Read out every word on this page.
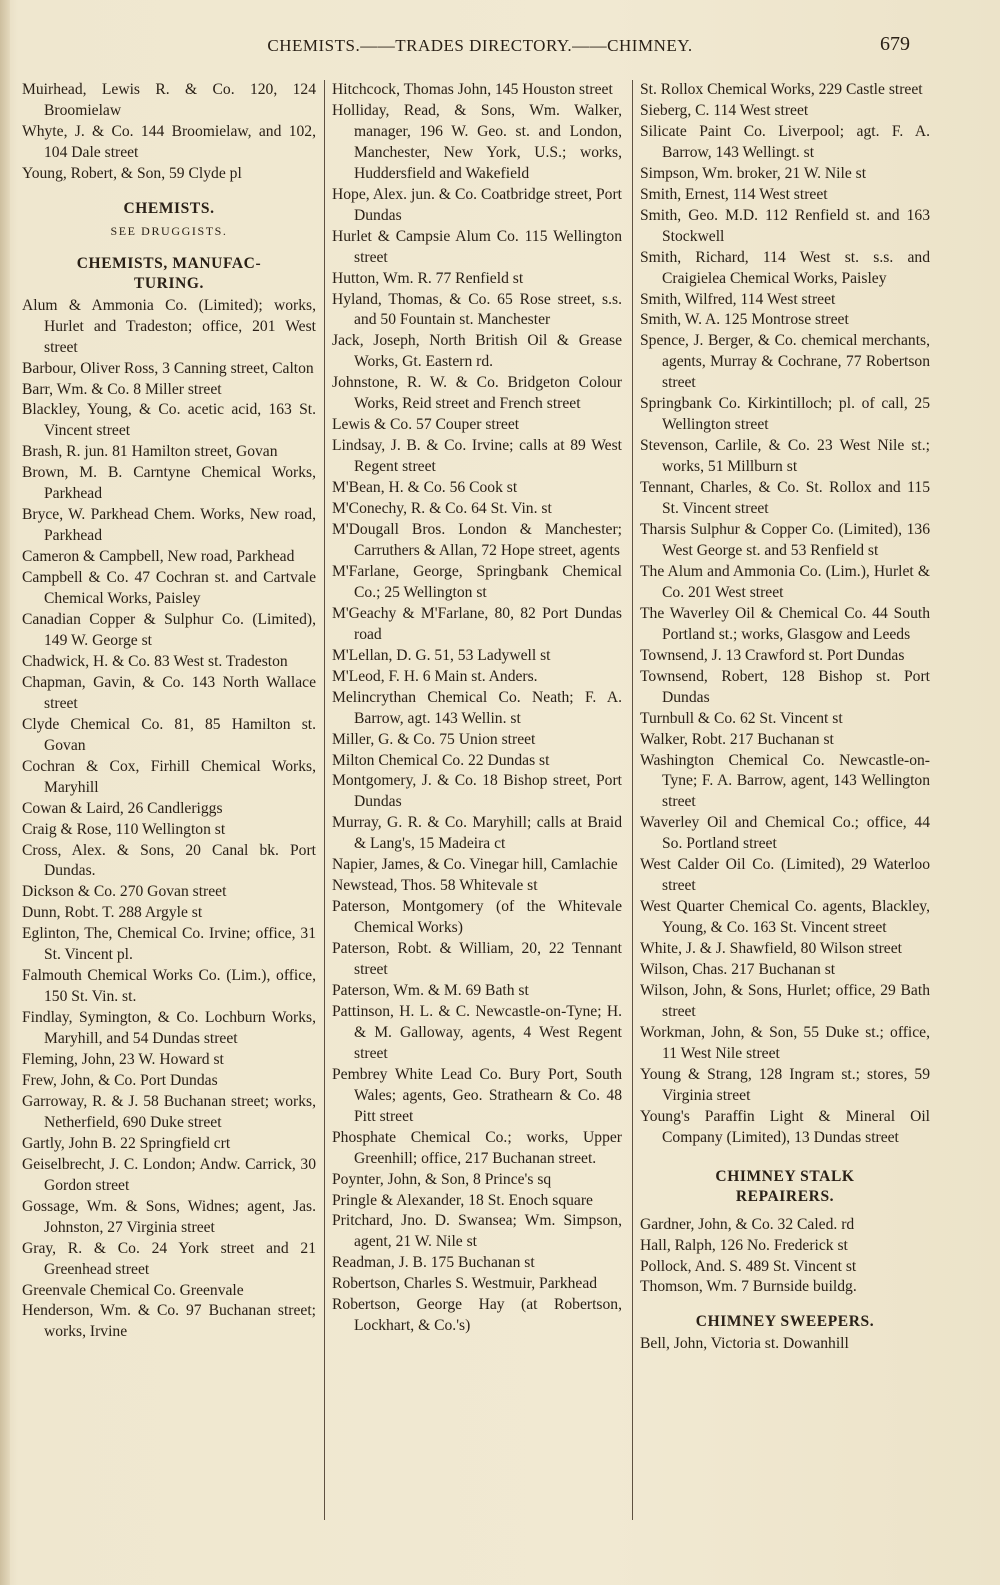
CHEMISTS.——TRADES DIRECTORY.——CHIMNEY.	679

Muirhead, Lewis R. & Co. 120, 124 Broomielaw

Whyte, J. & Co. 144 Broomielaw, and 102, 104 Dale street

Young, Robert, & Son, 59 Clyde pl

CHEMISTS.
SEE DRUGGISTS.
CHEMISTS, MANUFAC-TURING.

Alum & Ammonia Co. (Limited); works, Hurlet and Tradeston; office, 201 West street

Barbour, Oliver Ross, 3 Canning street, Calton

Barr, Wm. & Co. 8 Miller street

Blackley, Young, & Co. acetic acid, 163 St. Vincent street

Brash, R. jun. 81 Hamilton street, Govan

Brown, M. B. Carntyne Chemical Works, Parkhead

Bryce, W. Parkhead Chem. Works, New road, Parkhead

Cameron & Campbell, New road, Parkhead

Campbell & Co. 47 Cochran st. and Cartvale Chemical Works, Paisley

Canadian Copper & Sulphur Co. (Limited), 149 W. George st

Chadwick, H. & Co. 83 West st. Tradeston

Chapman, Gavin, & Co. 143 North Wallace street

Clyde Chemical Co. 81, 85 Hamilton st. Govan

Cochran & Cox, Firhill Chemical Works, Maryhill

Cowan & Laird, 26 Candleriggs

Craig & Rose, 110 Wellington st

Cross, Alex. & Sons, 20 Canal bk. Port Dundas.

Dickson & Co. 270 Govan street

Dunn, Robt. T. 288 Argyle st

Eglinton, The, Chemical Co. Irvine; office, 31 St. Vincent pl.

Falmouth Chemical Works Co. (Lim.), office, 150 St. Vin. st.

Findlay, Symington, & Co. Lochburn Works, Maryhill, and 54 Dundas street

Fleming, John, 23 W. Howard st

Frew, John, & Co. Port Dundas

Garroway, R. & J. 58 Buchanan street; works, Netherfield, 690 Duke street

Gartly, John B. 22 Springfield crt

Geiselbrecht, J. C. London; Andw. Carrick, 30 Gordon street

Gossage, Wm. & Sons, Widnes; agent, Jas. Johnston, 27 Virginia street

Gray, R. & Co. 24 York street and 21 Greenhead street

Greenvale Chemical Co. Greenvale

Henderson, Wm. & Co. 97 Buchanan street; works, Irvine

Hitchcock, Thomas John, 145 Houston street

Holliday, Read, & Sons, Wm. Walker, manager, 196 W. Geo. st. and London, Manchester, New York, U.S.; works, Huddersfield and Wakefield

Hope, Alex. jun. & Co. Coatbridge street, Port Dundas

Hurlet & Campsie Alum Co. 115 Wellington street

Hutton, Wm. R. 77 Renfield st

Hyland, Thomas, & Co. 65 Rose street, s.s. and 50 Fountain st. Manchester

Jack, Joseph, North British Oil & Grease Works, Gt. Eastern rd.

Johnstone, R. W. & Co. Bridgeton Colour Works, Reid street and French street

Lewis & Co. 57 Couper street

Lindsay, J. B. & Co. Irvine; calls at 89 West Regent street

M'Bean, H. & Co. 56 Cook st

M'Conechy, R. & Co. 64 St. Vin. st

M'Dougall Bros. London & Manchester; Carruthers & Allan, 72 Hope street, agents

M'Farlane, George, Springbank Chemical Co.; 25 Wellington st

M'Geachy & M'Farlane, 80, 82 Port Dundas road

M'Lellan, D. G. 51, 53 Ladywell st

M'Leod, F. H. 6 Main st. Anders.

Melincrythan Chemical Co. Neath; F. A. Barrow, agt. 143 Wellin. st

Miller, G. & Co. 75 Union street

Milton Chemical Co. 22 Dundas st

Montgomery, J. & Co. 18 Bishop street, Port Dundas

Murray, G. R. & Co. Maryhill; calls at Braid & Lang's, 15 Madeira ct

Napier, James, & Co. Vinegar hill, Camlachie

Newstead, Thos. 58 Whitevale st

Paterson, Montgomery (of the Whitevale Chemical Works)

Paterson, Robt. & William, 20, 22 Tennant street

Paterson, Wm. & M. 69 Bath st

Pattinson, H. L. & C. Newcastle-on-Tyne; H. & M. Galloway, agents, 4 West Regent street

Pembrey White Lead Co. Bury Port, South Wales; agents, Geo. Strathearn & Co. 48 Pitt street

Phosphate Chemical Co.; works, Upper Greenhill; office, 217 Buchanan street.

Poynter, John, & Son, 8 Prince's sq

Pringle & Alexander, 18 St. Enoch square

Pritchard, Jno. D. Swansea; Wm. Simpson, agent, 21 W. Nile st

Readman, J. B. 175 Buchanan st

Robertson, Charles S. Westmuir, Parkhead

Robertson, George Hay (at Robertson, Lockhart, & Co.'s)

St. Rollox Chemical Works, 229 Castle street

Sieberg, C. 114 West street

Silicate Paint Co. Liverpool; agt. F. A. Barrow, 143 Wellingt. st

Simpson, Wm. broker, 21 W. Nile st

Smith, Ernest, 114 West street

Smith, Geo. M.D. 112 Renfield st. and 163 Stockwell

Smith, Richard, 114 West st. s.s. and Craigielea Chemical Works, Paisley

Smith, Wilfred, 114 West street

Smith, W. A. 125 Montrose street

Spence, J. Berger, & Co. chemical merchants, agents, Murray & Cochrane, 77 Robertson street

Springbank Co. Kirkintilloch; pl. of call, 25 Wellington street

Stevenson, Carlile, & Co. 23 West Nile st.; works, 51 Millburn st

Tennant, Charles, & Co. St. Rollox and 115 St. Vincent street

Tharsis Sulphur & Copper Co. (Limited), 136 West George st. and 53 Renfield st

The Alum and Ammonia Co. (Lim.), Hurlet & Co. 201 West street

The Waverley Oil & Chemical Co. 44 South Portland st.; works, Glasgow and Leeds

Townsend, J. 13 Crawford st. Port Dundas

Townsend, Robert, 128 Bishop st. Port Dundas

Turnbull & Co. 62 St. Vincent st

Walker, Robt. 217 Buchanan st

Washington Chemical Co. Newcastle-on-Tyne; F. A. Barrow, agent, 143 Wellington street

Waverley Oil and Chemical Co.; office, 44 So. Portland street

West Calder Oil Co. (Limited), 29 Waterloo street

West Quarter Chemical Co. agents, Blackley, Young, & Co. 163 St. Vincent street

White, J. & J. Shawfield, 80 Wilson street

Wilson, Chas. 217 Buchanan st

Wilson, John, & Sons, Hurlet; office, 29 Bath street

Workman, John, & Son, 55 Duke st.; office, 11 West Nile street

Young & Strang, 128 Ingram st.; stores, 59 Virginia street

Young's Paraffin Light & Mineral Oil Company (Limited), 13 Dundas street

CHIMNEY STALK REPAIRERS.

Gardner, John, & Co. 32 Caled. rd

Hall, Ralph, 126 No. Frederick st

Pollock, And. S. 489 St. Vincent st

Thomson, Wm. 7 Burnside buildg.

CHIMNEY SWEEPERS.

Bell, John, Victoria st. Dowanhill
